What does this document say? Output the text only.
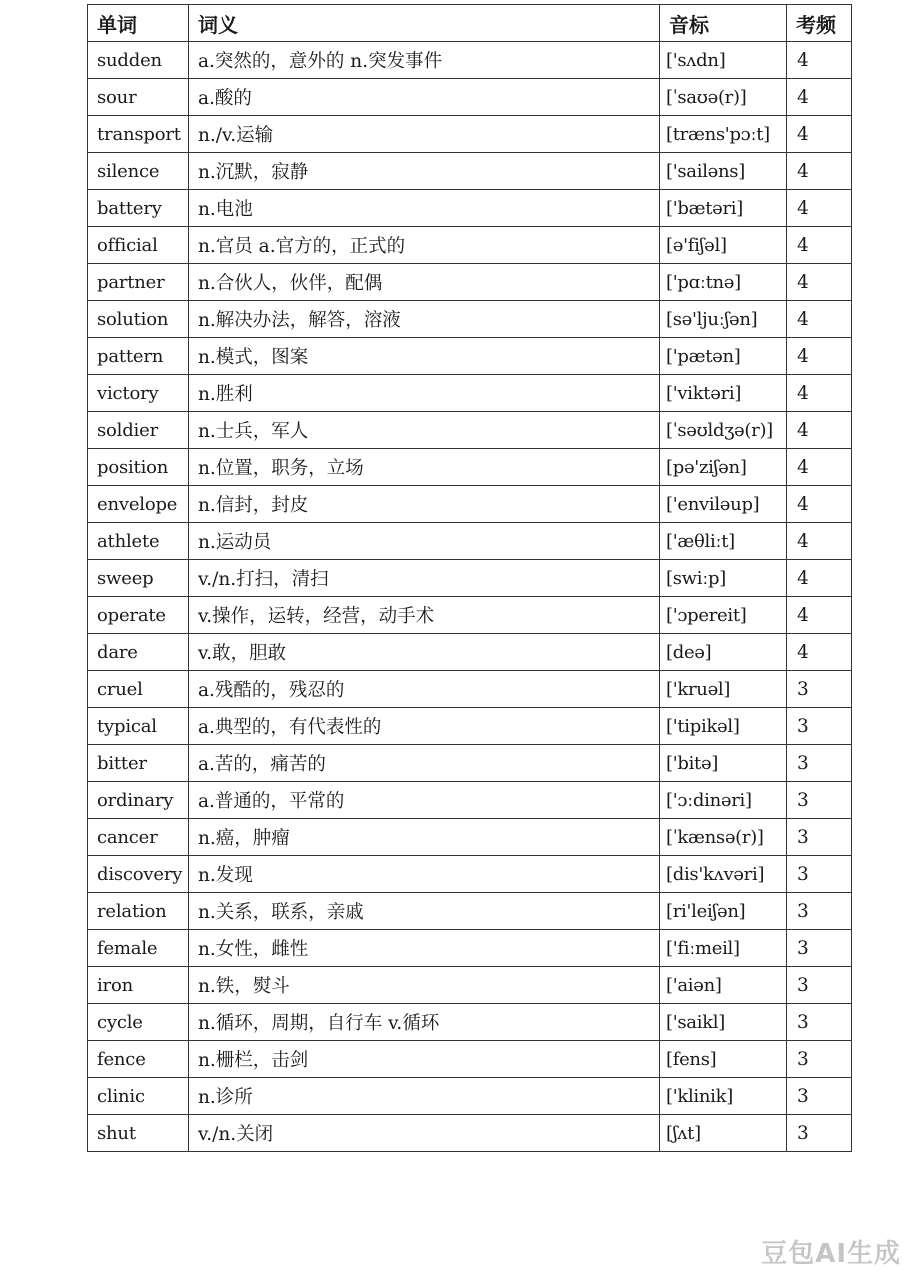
单词	词义	音标	考频
sudden	a.突然的，意外的 n.突发事件	['sʌdn]	4
sour	a.酸的	[ˈsaʊə(r)]	4
transport	n./v.运输	[træns'pɔːt]	4
silence	n.沉默，寂静	['sailəns]	4
battery	n.电池	['bætəri]	4
official	n.官员 a.官方的，正式的	[ə'fiʃəl]	4
partner	n.合伙人，伙伴，配偶	['pɑːtnə]	4
solution	n.解决办法，解答，溶液	[sə'ljuːʃən]	4
pattern	n.模式，图案	['pætən]	4
victory	n.胜利	['viktəri]	4
soldier	n.士兵，军人	[ˈsəʊldʒə(r)]	4
position	n.位置，职务，立场	[pə'ziʃən]	4
envelope	n.信封，封皮	['enviləup]	4
athlete	n.运动员	['æθliːt]	4
sweep	v./n.打扫，清扫	[swiːp]	4
operate	v.操作，运转，经营，动手术	['ɔpereit]	4
dare	v.敢，胆敢	[deə]	4
cruel	a.残酷的，残忍的	['kruəl]	3
typical	a.典型的，有代表性的	['tipikəl]	3
bitter	a.苦的，痛苦的	['bitə]	3
ordinary	a.普通的，平常的	['ɔːdinəri]	3
cancer	n.癌，肿瘤	[ˈkænsə(r)]	3
discovery	n.发现	[dis'kʌvəri]	3
relation	n.关系，联系，亲戚	[ri'leiʃən]	3
female	n.女性，雌性	['fiːmeil]	3
iron	n.铁，熨斗	['aiən]	3
cycle	n.循环，周期，自行车 v.循环	['saikl]	3
fence	n.栅栏，击剑	[fens]	3
clinic	n.诊所	['klinik]	3
shut	v./n.关闭	[ʃʌt]	3
豆包AI生成
